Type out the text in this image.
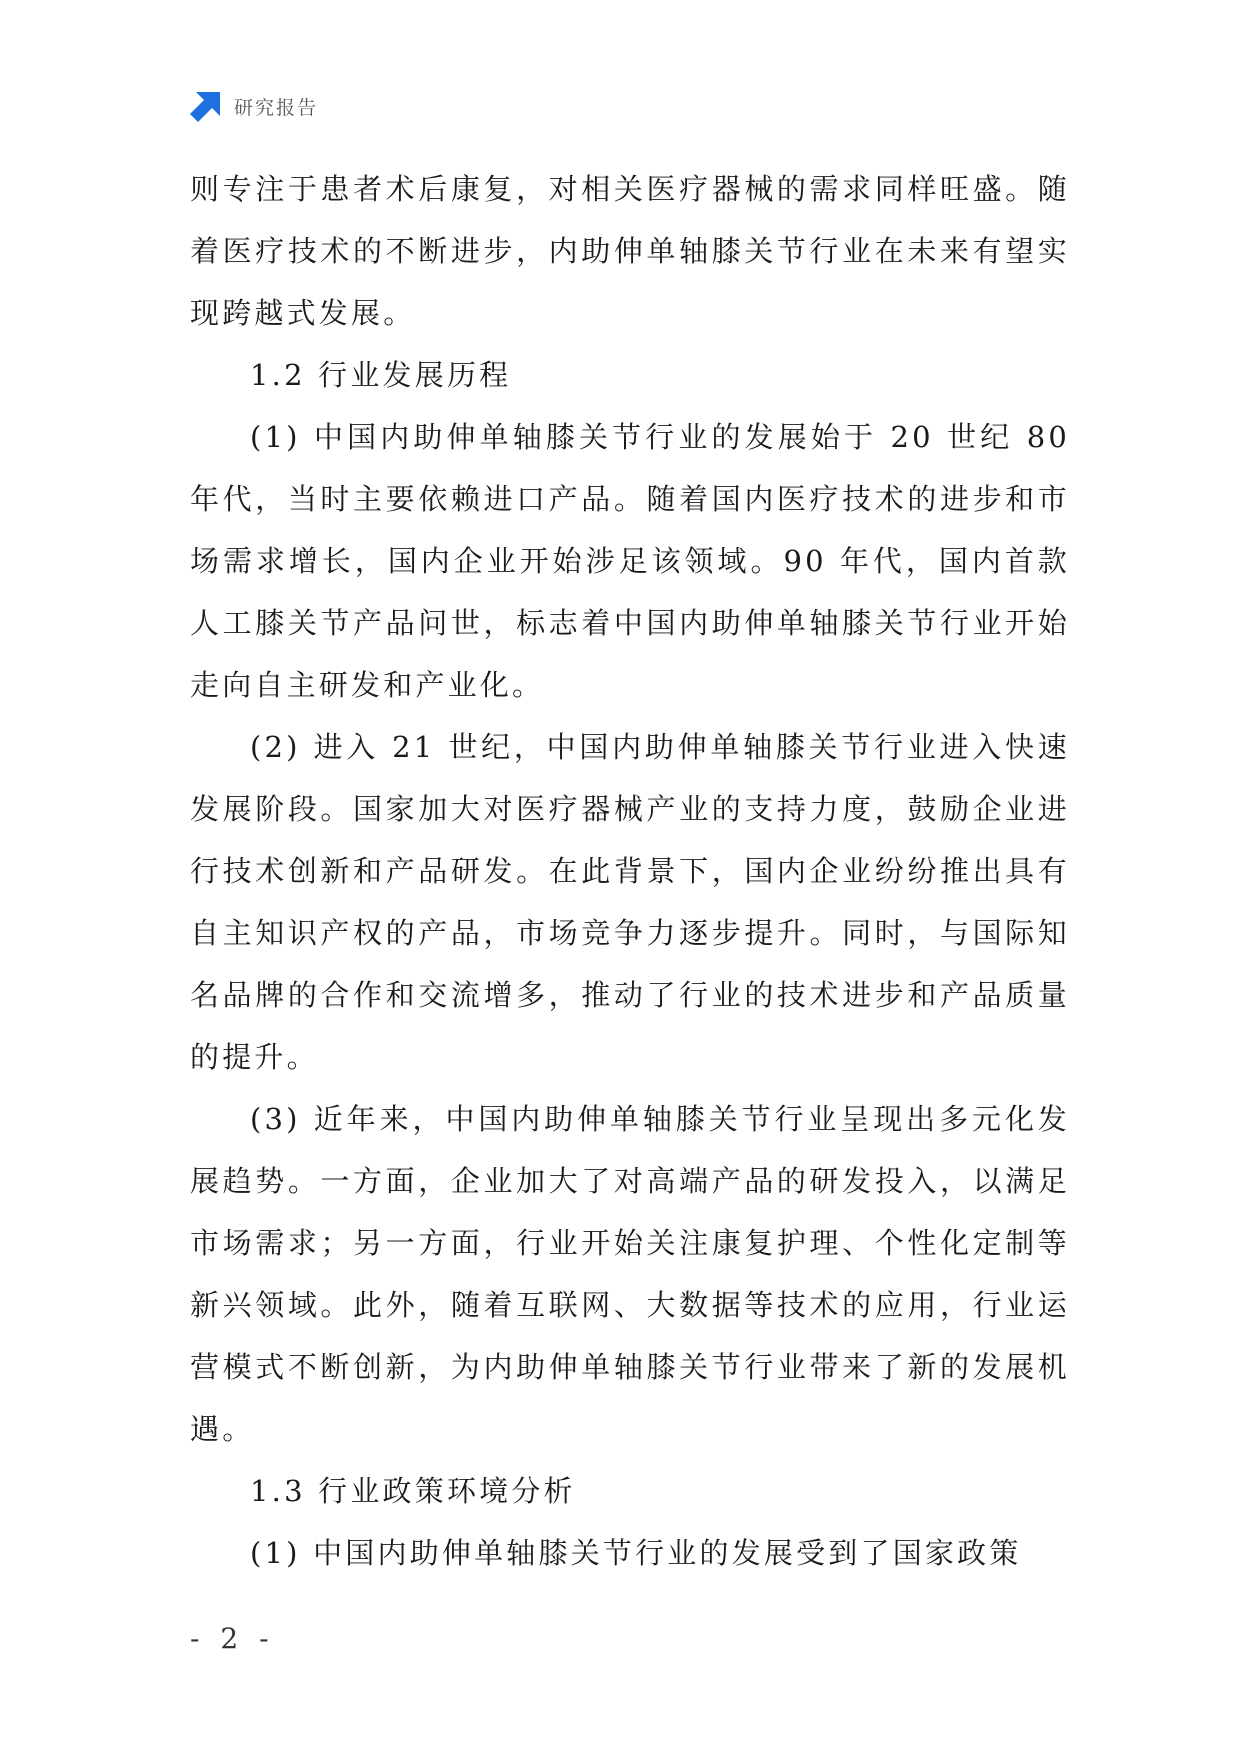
研究报告

则专注于患者术后康复，对相关医疗器械的需求同样旺盛。随着医疗技术的不断进步，内助伸单轴膝关节行业在未来有望实现跨越式发展。

1.2 行业发展历程

(1) 中国内助伸单轴膝关节行业的发展始于 20 世纪 80 年代，当时主要依赖进口产品。随着国内医疗技术的进步和市场需求增长，国内企业开始涉足该领域。90 年代，国内首款人工膝关节产品问世，标志着中国内助伸单轴膝关节行业开始走向自主研发和产业化。

(2) 进入 21 世纪，中国内助伸单轴膝关节行业进入快速发展阶段。国家加大对医疗器械产业的支持力度，鼓励企业进行技术创新和产品研发。在此背景下，国内企业纷纷推出具有自主知识产权的产品，市场竞争力逐步提升。同时，与国际知名品牌的合作和交流增多，推动了行业的技术进步和产品质量的提升。

(3) 近年来，中国内助伸单轴膝关节行业呈现出多元化发展趋势。一方面，企业加大了对高端产品的研发投入，以满足市场需求；另一方面，行业开始关注康复护理、个性化定制等新兴领域。此外，随着互联网、大数据等技术的应用，行业运营模式不断创新，为内助伸单轴膝关节行业带来了新的发展机遇。

1.3 行业政策环境分析

(1) 中国内助伸单轴膝关节行业的发展受到了国家政策

- 2 -
